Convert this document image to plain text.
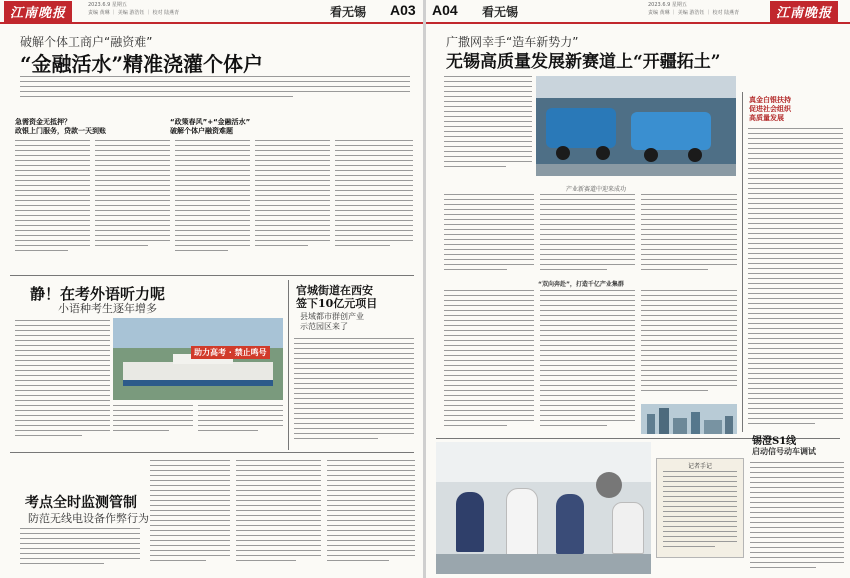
江南晚报
2023.6.9 星期五
责编 黄琳 ｜ 美编 游浩钰 ｜ 校对 陆燕青	看无锡 A03
破解个体工商户“融资难”
“金融活水”精准浇灌个体户
急需资金无抵押？
政银上门服务，贷款一天到账
“政策春风”+“金融活水”
破解个体户融资难题
静！在考外语听力呢
小语种考生逐年增多
助力高考 · 禁止鸣号
官城街道在西安
签下10亿元项目
县域都市群创产业
示范园区来了
考点全时监测管制
防范无线电设备作弊行为
A04 看无锡	2023.6.9 星期五
责编 黄琳 ｜ 美编 游浩钰 ｜ 校对 陆燕青	江南晚报
广撒网幸手“造车新势力”
无锡高质量发展新赛道上“开疆拓土”
真金白银扶持
促进社会组织
高质量发展
产业新赛道中迎来成功
“双向奔赴”，打造千亿产业集群
记者手记
锡澄S1线
启动信号动车调试
